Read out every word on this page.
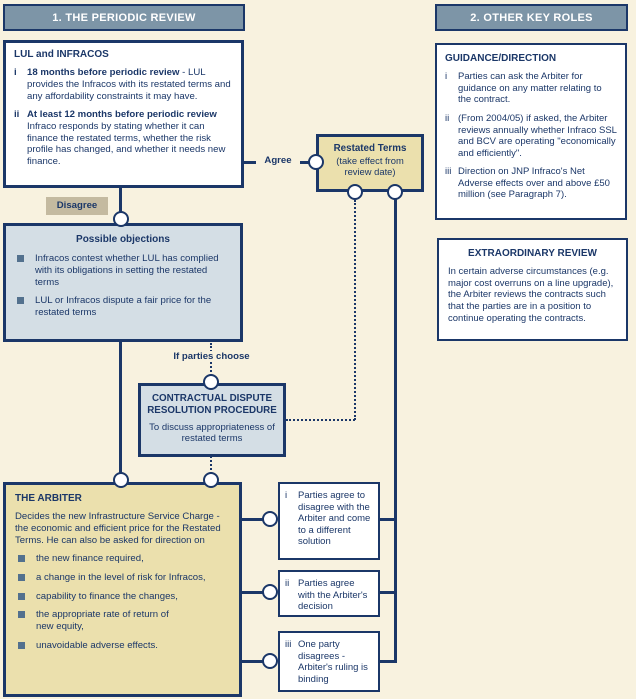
1. THE PERIODIC REVIEW	2. OTHER KEY ROLES
LUL and INFRACOS
i	18 months before periodic review - LUL provides the Infracos with its restated terms and any affordability constraints it may have.
ii At least 12 months before periodic review Infraco responds by stating whether it can finance the restated terms, whether the risk profile has changed, and whether it needs new finance.	Agree
Disagree
Restated Terms
(take effect from review date)
Possible objections
Infracos contest whether LUL has complied with its obligations in setting the restated terms
LUL or Infracos dispute a fair price for the restated terms
If parties choose
CONTRACTUAL DISPUTE RESOLUTION PROCEDURE
To discuss appropriateness of restated terms
THE ARBITER
Decides the new Infrastructure Service Charge - the economic and efficient price for the Restated Terms. He can also be asked for direction on
the new finance required,
a change in the level of risk for Infracos,
capability to finance the changes,
the appropriate rate of return of new equity,
unavoidable adverse effects.
GUIDANCE/DIRECTION
i	Parties can ask the Arbiter for guidance on any matter relating to the contract.
ii (From 2004/05) if asked, the Arbiter reviews annually whether Infraco SSL and BCV are operating "economically and efficiently".
iii Direction on JNP Infraco's Net Adverse effects over and above £50 million (see Paragraph 7).
EXTRAORDINARY REVIEW
In certain adverse circumstances (e.g. major cost overruns on a line upgrade), the Arbiter reviews the contracts such that the parties are in a position to continue operating the contracts.
i	Parties agree to disagree with the Arbiter and come to a different solution
ii Parties agree with the Arbiter's decision
iii One party disagrees - Arbiter's ruling is binding
